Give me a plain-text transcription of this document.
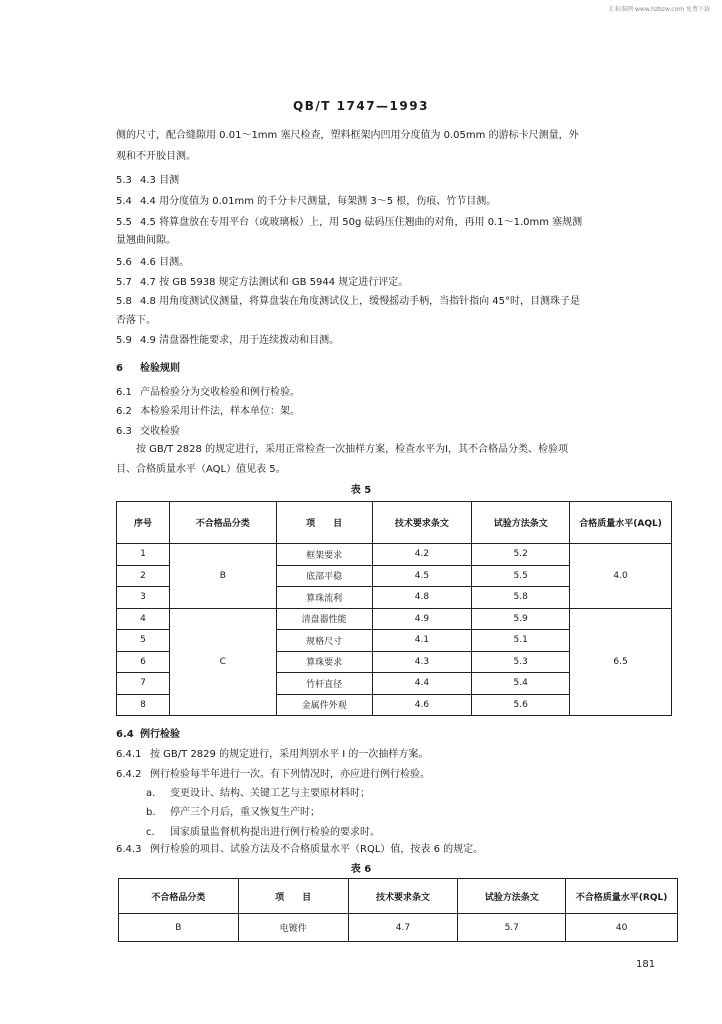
汇标准网 www.hzbzw.com 免费下载
QB/T 1747—1993
侧的尺寸，配合缝隙用 0.01～1mm 塞尺检查，塑料框架内凹用分度值为 0.05mm 的游标卡尺测量，外
观和不开胶目测。
5.3 4.3 目测
5.4 4.4 用分度值为 0.01mm 的千分卡尺测量，每架测 3～5 根，伤痕、竹节目测。
5.5 4.5 将算盘放在专用平台（或玻璃板）上，用 50g 砝码压住翘曲的对角，再用 0.1～1.0mm 塞规测
量翘曲间隙。
5.6 4.6 目测。
5.7 4.7 按 GB 5938 规定方法测试和 GB 5944 规定进行评定。
5.8 4.8 用角度测试仪测量，将算盘装在角度测试仪上，缓慢摇动手柄，当指针指向 45°时，目测珠子是
否落下。
5.9 4.9 清盘器性能要求，用于连续拨动和目测。
6 检验规则
6.1 产品检验分为交收检验和例行检验。
6.2 本检验采用计件法，样本单位：架。
6.3 交收检验
按 GB/T 2828 的规定进行，采用正常检查一次抽样方案，检查水平为Ⅰ，其不合格品分类、检验项
目、合格质量水平（AQL）值见表 5。
表 5
序号	不合格品分类	项　　目	技术要求条文	试验方法条文	合格质量水平(AQL)
1	B	框架要求	4.2	5.2	4.0
2		底部平稳	4.5	5.5	
3		算珠流利	4.8	5.8	
4	C	清盘器性能	4.9	5.9	6.5
5		规格尺寸	4.1	5.1	
6		算珠要求	4.3	5.3	
7		竹杆直径	4.4	5.4	
8		金属件外观	4.6	5.6	
6.4 例行检验
6.4.1 按 GB/T 2829 的规定进行，采用判别水平 Ⅰ 的一次抽样方案。
6.4.2 例行检验每半年进行一次。有下列情况时，亦应进行例行检验。
a. 变更设计、结构、关键工艺与主要原材料时；
b. 停产三个月后，重又恢复生产时；
c. 国家质量监督机构提出进行例行检验的要求时。
6.4.3 例行检验的项目、试验方法及不合格质量水平（RQL）值，按表 6 的规定。
表 6
不合格品分类	项　　目	技术要求条文	试验方法条文	不合格质量水平(RQL)
B	电镀件	4.7	5.7	40
181
